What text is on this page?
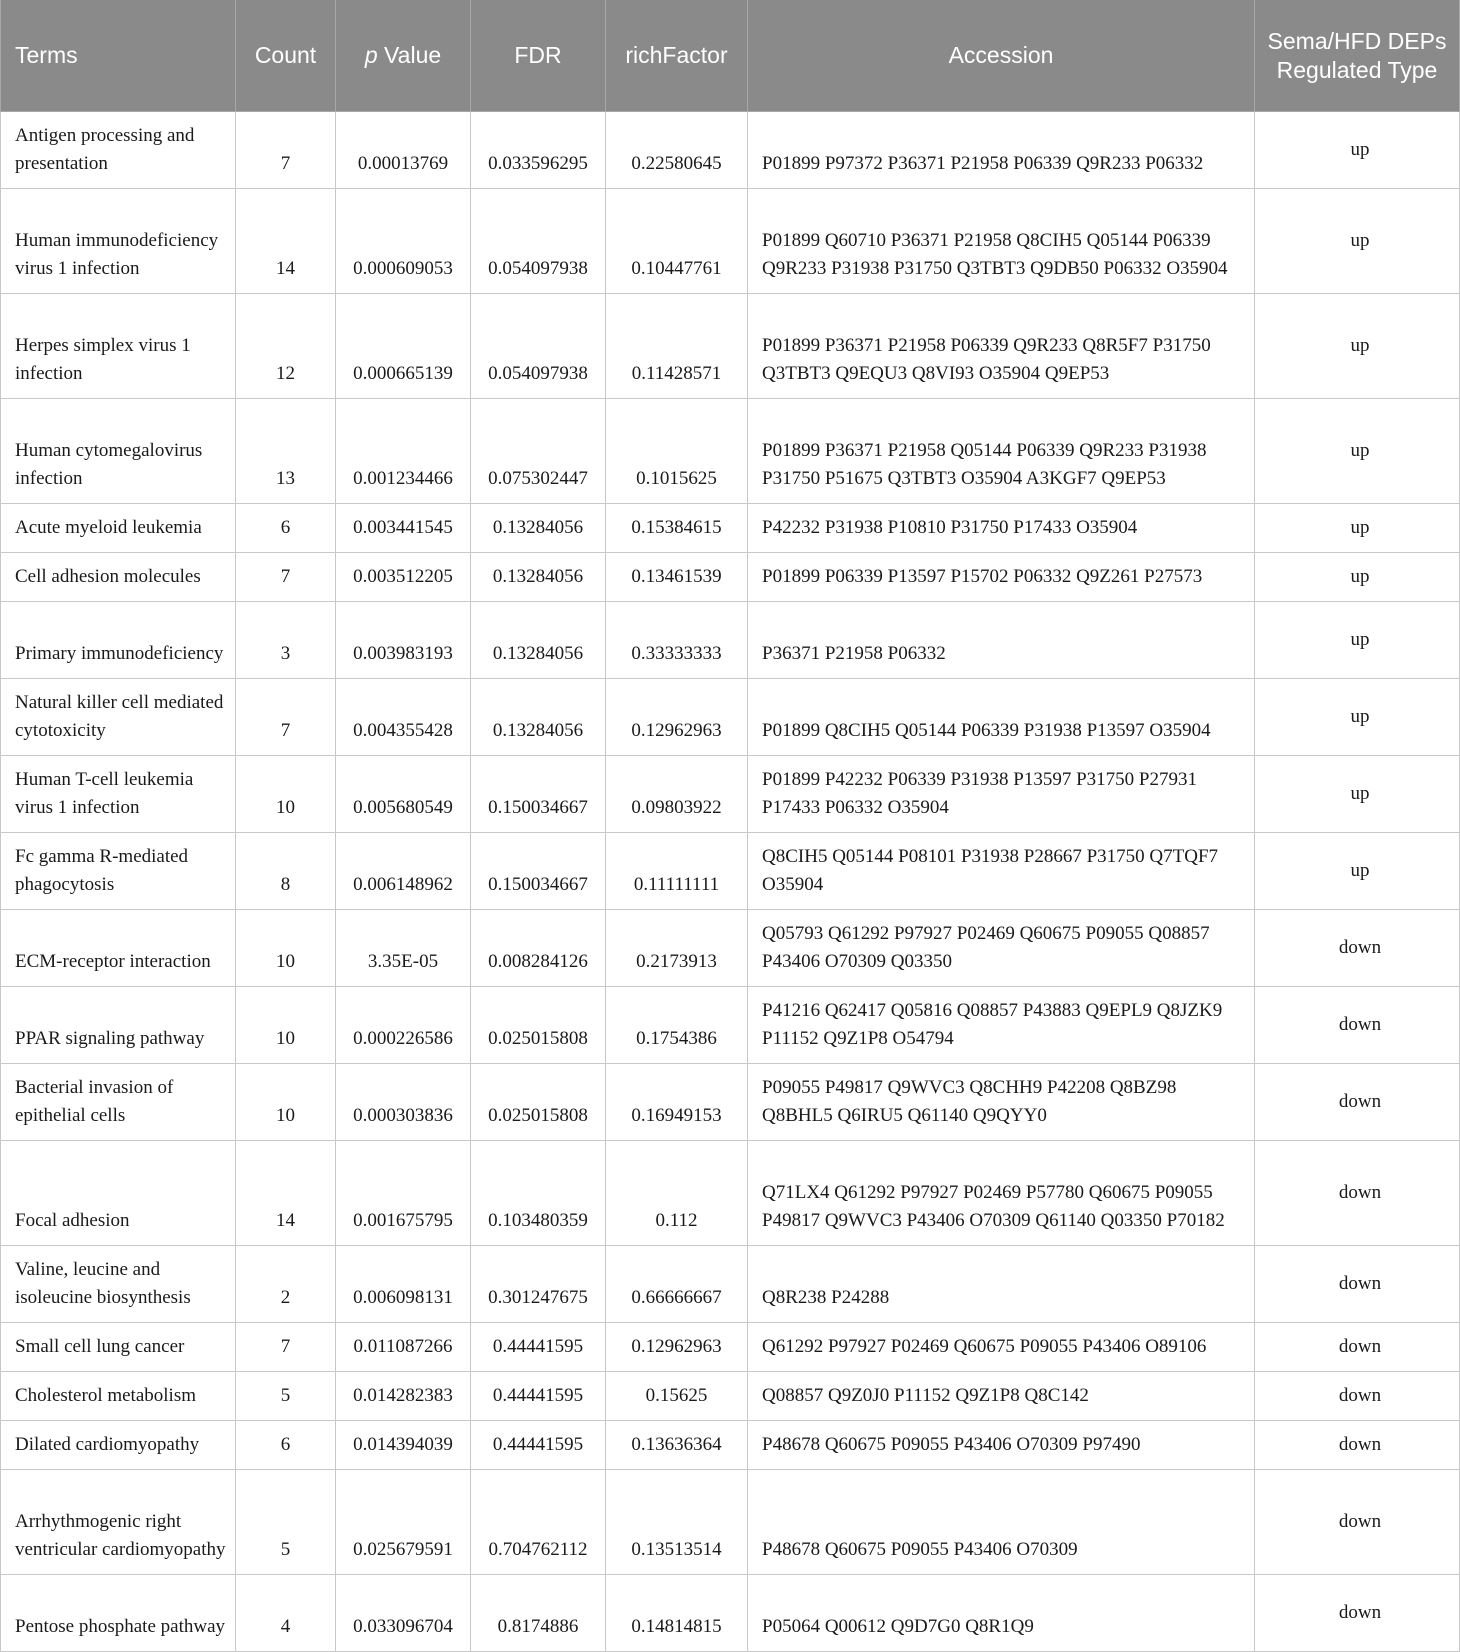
Terms	Count	p Value	FDR	richFactor	Accession	Sema/HFD DEPs Regulated Type
Antigen processing and presentation	7	0.00013769	0.033596295	0.22580645	P01899 P97372 P36371 P21958 P06339 Q9R233 P06332	up
Human immunodeficiency virus 1 infection	14	0.000609053	0.054097938	0.10447761	P01899 Q60710 P36371 P21958 Q8CIH5 Q05144 P06339 Q9R233 P31938 P31750 Q3TBT3 Q9DB50 P06332 O35904	up
Herpes simplex virus 1 infection	12	0.000665139	0.054097938	0.11428571	P01899 P36371 P21958 P06339 Q9R233 Q8R5F7 P31750 Q3TBT3 Q9EQU3 Q8VI93 O35904 Q9EP53	up
Human cytomegalovirus infection	13	0.001234466	0.075302447	0.1015625	P01899 P36371 P21958 Q05144 P06339 Q9R233 P31938 P31750 P51675 Q3TBT3 O35904 A3KGF7 Q9EP53	up
Acute myeloid leukemia	6	0.003441545	0.13284056	0.15384615	P42232 P31938 P10810 P31750 P17433 O35904	up
Cell adhesion molecules	7	0.003512205	0.13284056	0.13461539	P01899 P06339 P13597 P15702 P06332 Q9Z261 P27573	up
Primary immunodeficiency	3	0.003983193	0.13284056	0.33333333	P36371 P21958 P06332	up
Natural killer cell mediated cytotoxicity	7	0.004355428	0.13284056	0.12962963	P01899 Q8CIH5 Q05144 P06339 P31938 P13597 O35904	up
Human T-cell leukemia virus 1 infection	10	0.005680549	0.150034667	0.09803922	P01899 P42232 P06339 P31938 P13597 P31750 P27931 P17433 P06332 O35904	up
Fc gamma R-mediated phagocytosis	8	0.006148962	0.150034667	0.11111111	Q8CIH5 Q05144 P08101 P31938 P28667 P31750 Q7TQF7 O35904	up
ECM-receptor interaction	10	3.35E-05	0.008284126	0.2173913	Q05793 Q61292 P97927 P02469 Q60675 P09055 Q08857 P43406 O70309 Q03350	down
PPAR signaling pathway	10	0.000226586	0.025015808	0.1754386	P41216 Q62417 Q05816 Q08857 P43883 Q9EPL9 Q8JZK9 P11152 Q9Z1P8 O54794	down
Bacterial invasion of epithelial cells	10	0.000303836	0.025015808	0.16949153	P09055 P49817 Q9WVC3 Q8CHH9 P42208 Q8BZ98 Q8BHL5 Q6IRU5 Q61140 Q9QYY0	down
Focal adhesion	14	0.001675795	0.103480359	0.112	Q71LX4 Q61292 P97927 P02469 P57780 Q60675 P09055 P49817 Q9WVC3 P43406 O70309 Q61140 Q03350 P70182	down
Valine, leucine and isoleucine biosynthesis	2	0.006098131	0.301247675	0.66666667	Q8R238 P24288	down
Small cell lung cancer	7	0.011087266	0.44441595	0.12962963	Q61292 P97927 P02469 Q60675 P09055 P43406 O89106	down
Cholesterol metabolism	5	0.014282383	0.44441595	0.15625	Q08857 Q9Z0J0 P11152 Q9Z1P8 Q8C142	down
Dilated cardiomyopathy	6	0.014394039	0.44441595	0.13636364	P48678 Q60675 P09055 P43406 O70309 P97490	down
Arrhythmogenic right ventricular cardiomyopathy	5	0.025679591	0.704762112	0.13513514	P48678 Q60675 P09055 P43406 O70309	down
Pentose phosphate pathway	4	0.033096704	0.8174886	0.14814815	P05064 Q00612 Q9D7G0 Q8R1Q9	down
